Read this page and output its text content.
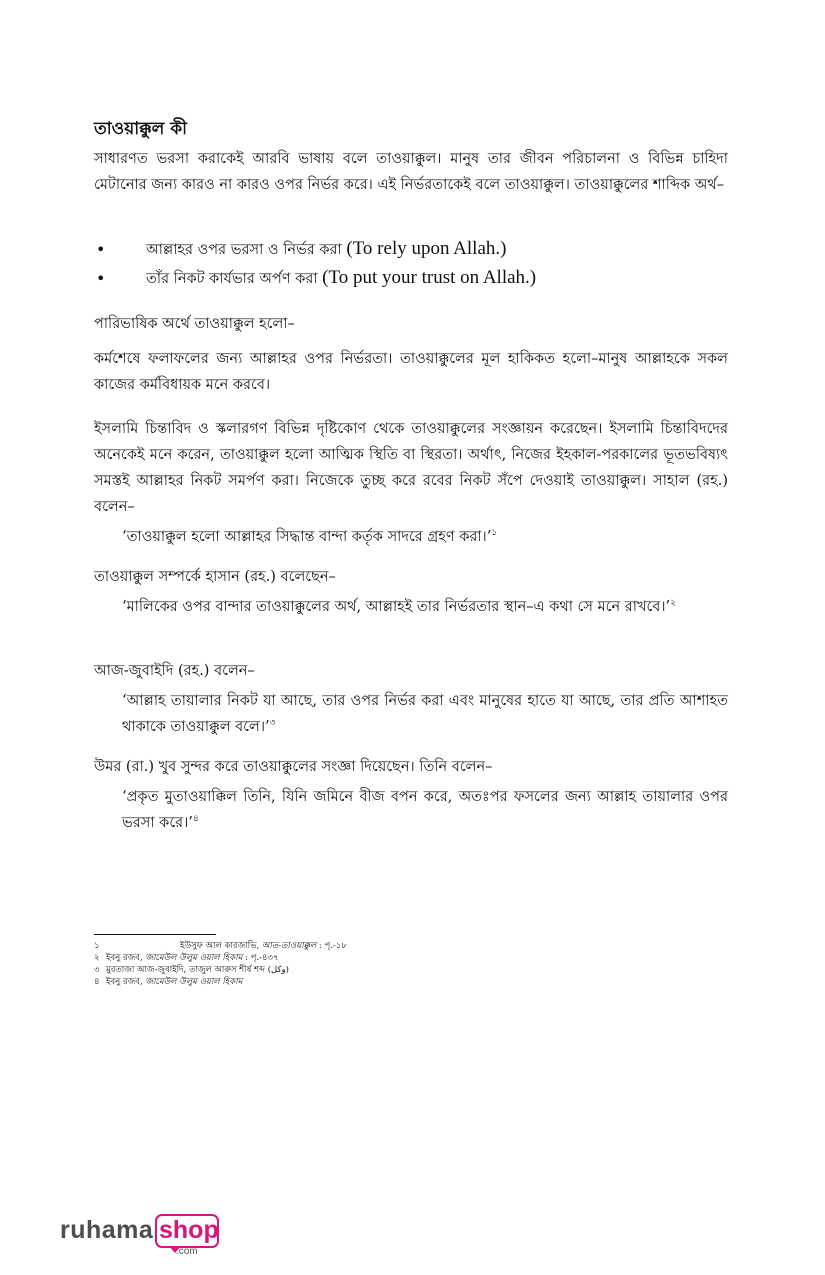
তাওয়াক্কুল কী
সাধারণত ভরসা করাকেই আরবি ভাষায় বলে তাওয়াক্কুল। মানুষ তার জীবন পরিচালনা ও বিভিন্ন চাহিদা মেটানোর জন্য কারও না কারও ওপর নির্ভর করে। এই নির্ভরতাকেই বলে তাওয়াক্কুল। তাওয়াক্কুলের শাব্দিক অর্থ–
•	আল্লাহর ওপর ভরসা ও নির্ভর করা (To rely upon Allah.)
•	তাঁর নিকট কার্যভার অর্পণ করা (To put your trust on Allah.)
পারিভাষিক অর্থে তাওয়াক্কুল হলো–
কর্মশেষে ফলাফলের জন্য আল্লাহর ওপর নির্ভরতা। তাওয়াক্কুলের মূল হাকিকত হলো–মানুষ আল্লাহকে সকল কাজের কর্মবিধায়ক মনে করবে।
ইসলামি চিন্তাবিদ ও স্কলারগণ বিভিন্ন দৃষ্টিকোণ থেকে তাওয়াক্কুলের সংজ্ঞায়ন করেছেন। ইসলামি চিন্তাবিদদের অনেকেই মনে করেন, তাওয়াক্কুল হলো আত্মিক স্থিতি বা স্থিরতা। অর্থাৎ, নিজের ইহকাল-পরকালের ভূতভবিষ্যৎ সমস্তই আল্লাহর নিকট সমর্পণ করা। নিজেকে তুচ্ছ করে রবের নিকট সঁপে দেওয়াই তাওয়াক্কুল। সাহাল (রহ.) বলেন–
‘তাওয়াক্কুল হলো আল্লাহর সিদ্ধান্ত বান্দা কর্তৃক সাদরে গ্রহণ করা।’$^১$
তাওয়াক্কুল সম্পর্কে হাসান (রহ.) বলেছেন–
‘মালিকের ওপর বান্দার তাওয়াক্কুলের অর্থ, আল্লাহই তার নির্ভরতার স্থান–এ কথা সে মনে রাখবে।’$^২$
আজ-জুবাইদি (রহ.) বলেন–
‘আল্লাহ তায়ালার নিকট যা আছে, তার ওপর নির্ভর করা এবং মানুষের হাতে যা আছে, তার প্রতি আশাহত থাকাকে তাওয়াক্কুল বলে।’$^৩$
উমর (রা.) খুব সুন্দর করে তাওয়াক্কুলের সংজ্ঞা দিয়েছেন। তিনি বলেন–
‘প্রকৃত মুতাওয়াক্কিল তিনি, যিনি জমিনে বীজ বপন করে, অতঃপর ফসলের জন্য আল্লাহ তায়ালার ওপর ভরসা করে।’$^৪$
১	ইউসুফ আল কারজাভি, আত-তাওয়াক্কুল : পৃ.-১৮
২ ইবনু রজব, জামেউল উলুম ওয়াল হিকাম : পৃ.-৪৩৭
৩ মুরতাজা আজ-জুবাইদি, তাজুল আরুস শীর্ষ শব্দ (وكل)
৪ ইবনু রজব, জামেউল উলুম ওয়াল হিকাম
ruhama shop
.com
